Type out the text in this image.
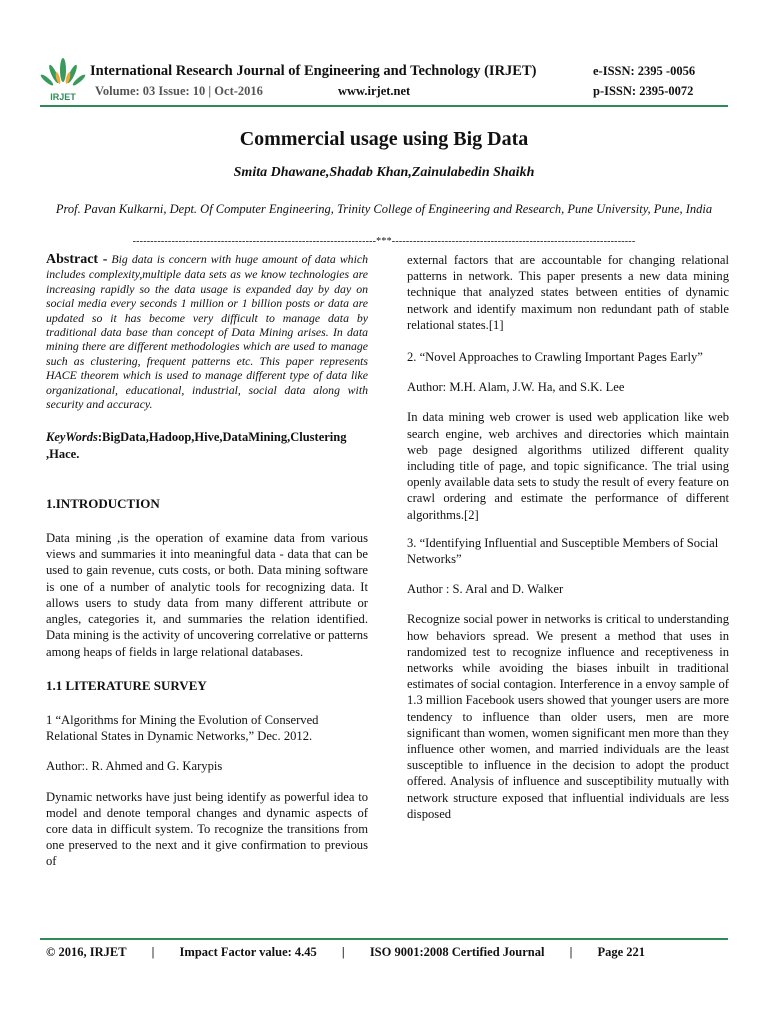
IRJET
International Research Journal of Engineering and Technology (IRJET)
Volume: 03 Issue: 10 | Oct-2016	www.irjet.net
e-ISSN: 2395 -0056
p-ISSN: 2395-0072
Commercial usage using Big Data
Smita Dhawane,Shadab Khan,Zainulabedin Shaikh
Prof. Pavan Kulkarni, Dept. Of Computer Engineering, Trinity College of Engineering and Research, Pune University, Pune, India
---------------------------------------------------------------------***---------------------------------------------------------------------

Abstract - Big data is concern with huge amount of data which includes complexity,multiple data sets as we know technologies are increasing rapidly so the data usage is expanded day by day on social media every seconds 1 million or 1 billion posts or data are updated so it has become very difficult to manage data by traditional data base than concept of Data Mining arises. In data mining there are different methodologies which are used to manage such as clustering, frequent patterns etc. This paper represents HACE theorem which is used to manage different type of data like organizational, educational, industrial, social data along with security and accuracy.

KeyWords:BigData,Hadoop,Hive,DataMining,Clustering ,Hace.

1.INTRODUCTION

Data mining ,is the operation of examine data from various views and summaries it into meaningful data - data that can be used to gain revenue, cuts costs, or both. Data mining software is one of a number of analytic tools for recognizing data. It allows users to study data from many different attribute or angles, categories it, and summaries the relation identified. Data mining is the activity of uncovering correlative or patterns among heaps of fields in large relational databases.

1.1 LITERATURE SURVEY

1 “Algorithms for Mining the Evolution of Conserved Relational States in Dynamic Networks,” Dec. 2012.

Author:. R. Ahmed and G. Karypis

Dynamic networks have just being identify as powerful idea to model and denote temporal changes and dynamic aspects of core data in difficult system. To recognize the transitions from one preserved to the next and it give confirmation to previous of

external factors that are accountable for changing relational patterns in network. This paper presents a new data mining technique that analyzed states between entities of dynamic network and identify maximum non redundant path of stable relational states.[1]

2. “Novel Approaches to Crawling Important Pages Early”

Author: M.H. Alam, J.W. Ha, and S.K. Lee

In data mining web crower is used web application like web search engine, web archives and directories which maintain web page designed algorithms utilized different quality including title of page, and topic significance. The trial using openly available data sets to study the result of every feature on crawl ordering and estimate the performance of different algorithms.[2]

3. “Identifying Influential and Susceptible Members of Social Networks”

Author : S. Aral and D. Walker

Recognize social power in networks is critical to understanding how behaviors spread. We present a method that uses in randomized test to recognize influence and receptiveness in networks while avoiding the biases inbuilt in traditional estimates of social contagion. Interference in a envoy sample of 1.3 million Facebook users showed that younger users are more tendency to influence than older users, men are more significant than women, women significant men more than they influence other women, and married individuals are the least susceptible to influence in the decision to adopt the product offered. Analysis of influence and susceptibility mutually with network structure exposed that influential individuals are less disposed

© 2016, IRJET | Impact Factor value: 4.45 | ISO 9001:2008 Certified Journal | Page 221
